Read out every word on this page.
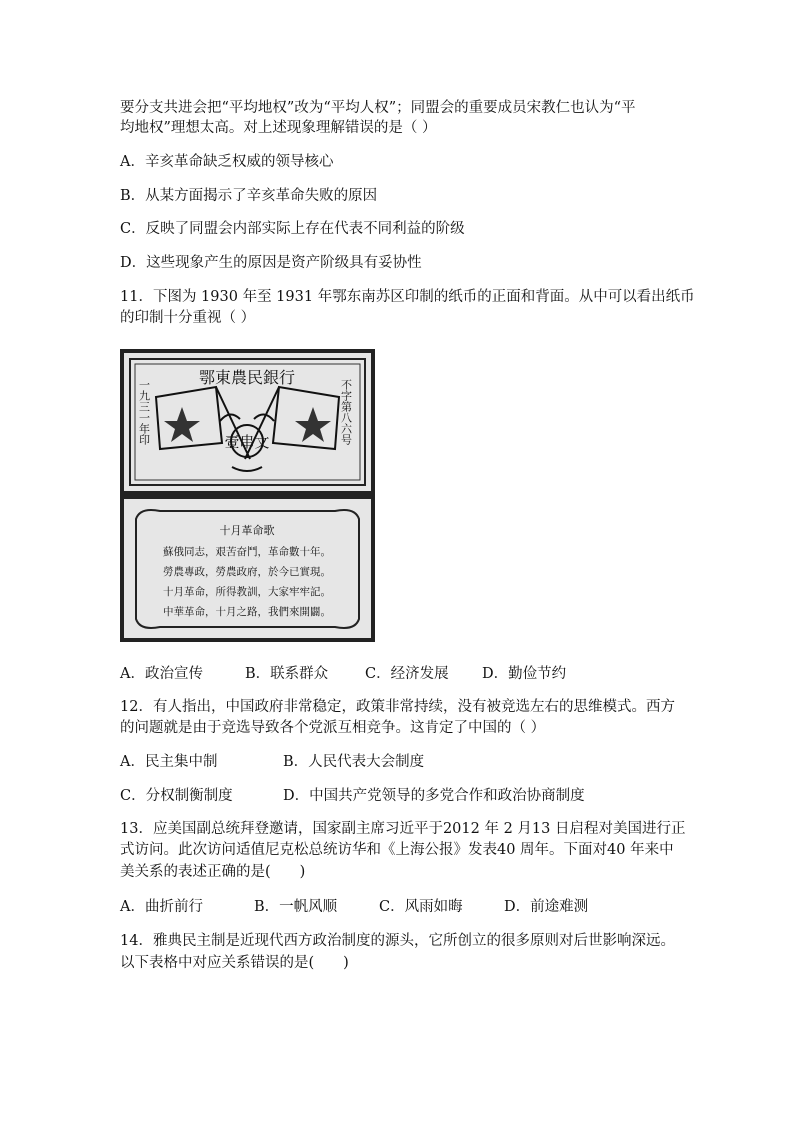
要分支共进会把“平均地权”改为“平均人权”；同盟会的重要成员宋教仁也认为“平
均地权”理想太高。对上述现象理解错误的是（ ）
A．辛亥革命缺乏权威的领导核心
B．从某方面揭示了辛亥革命失败的原因
C．反映了同盟会内部实际上存在代表不同利益的阶级
D．这些现象产生的原因是资产阶级具有妥协性
11．下图为 1930 年至 1931 年鄂东南苏区印制的纸币的正面和背面。从中可以看出纸币
的印制十分重视（ ）
鄂東農民銀行
壹串文
一九三一年印	不字第八六号
十月革命歌
蘇俄同志，艰苦奋鬥，革命數十年。
勞農專政，勞農政府，於今已實現。
十月革命，所得教訓，大家牢牢記。
中華革命，十月之路，我們來開闢。
A．政治宣传	B．联系群众	C．经济发展 D．勤俭节约
12．有人指出，中国政府非常稳定，政策非常持续，没有被竞选左右的思维模式。西方
的问题就是由于竞选导致各个党派互相竞争。这肯定了中国的（ ）
A．民主集中制	B．人民代表大会制度
C．分权制衡制度	D．中国共产党领导的多党合作和政治协商制度
13．应美国副总统拜登邀请，国家副主席习近平于2012 年 2 月13 日启程对美国进行正
式访问。此次访问适值尼克松总统访华和《上海公报》发表40 周年。下面对40 年来中
美关系的表述正确的是(　　)
A．曲折前行	B．一帆风顺	C．风雨如晦	D．前途难测
14．雅典民主制是近现代西方政治制度的源头，它所创立的很多原则对后世影响深远。
以下表格中对应关系错误的是(　　)
